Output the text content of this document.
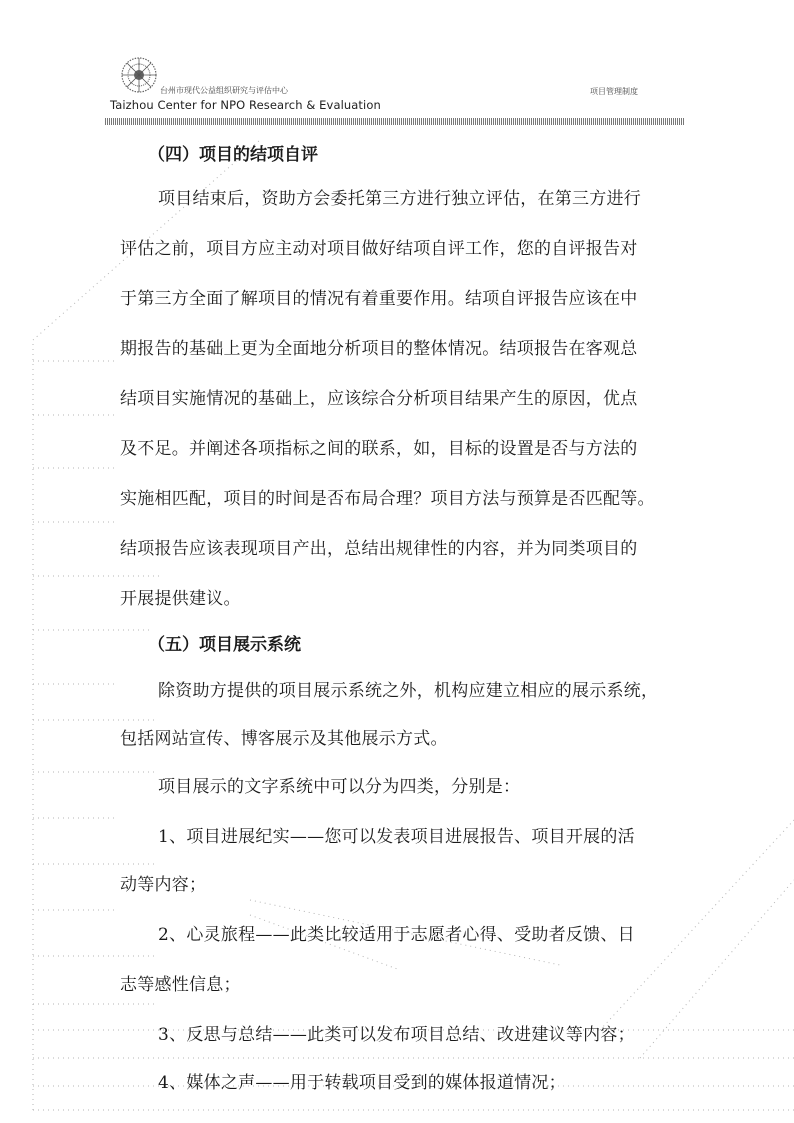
台州市现代公益组织研究与评估中心
Taizhou Center for NPO Research & Evaluation
项目管理制度
（四）项目的结项自评
项目结束后，资助方会委托第三方进行独立评估，在第三方进行
评估之前，项目方应主动对项目做好结项自评工作，您的自评报告对
于第三方全面了解项目的情况有着重要作用。结项自评报告应该在中
期报告的基础上更为全面地分析项目的整体情况。结项报告在客观总
结项目实施情况的基础上，应该综合分析项目结果产生的原因，优点
及不足。并阐述各项指标之间的联系，如，目标的设置是否与方法的
实施相匹配，项目的时间是否布局合理？项目方法与预算是否匹配等。
结项报告应该表现项目产出，总结出规律性的内容，并为同类项目的
开展提供建议。
（五）项目展示系统
除资助方提供的项目展示系统之外，机构应建立相应的展示系统，
包括网站宣传、博客展示及其他展示方式。
项目展示的文字系统中可以分为四类，分别是：
1、项目进展纪实——您可以发表项目进展报告、项目开展的活
动等内容；
2、心灵旅程——此类比较适用于志愿者心得、受助者反馈、日
志等感性信息；
3、反思与总结——此类可以发布项目总结、改进建议等内容；
4、媒体之声——用于转载项目受到的媒体报道情况；
